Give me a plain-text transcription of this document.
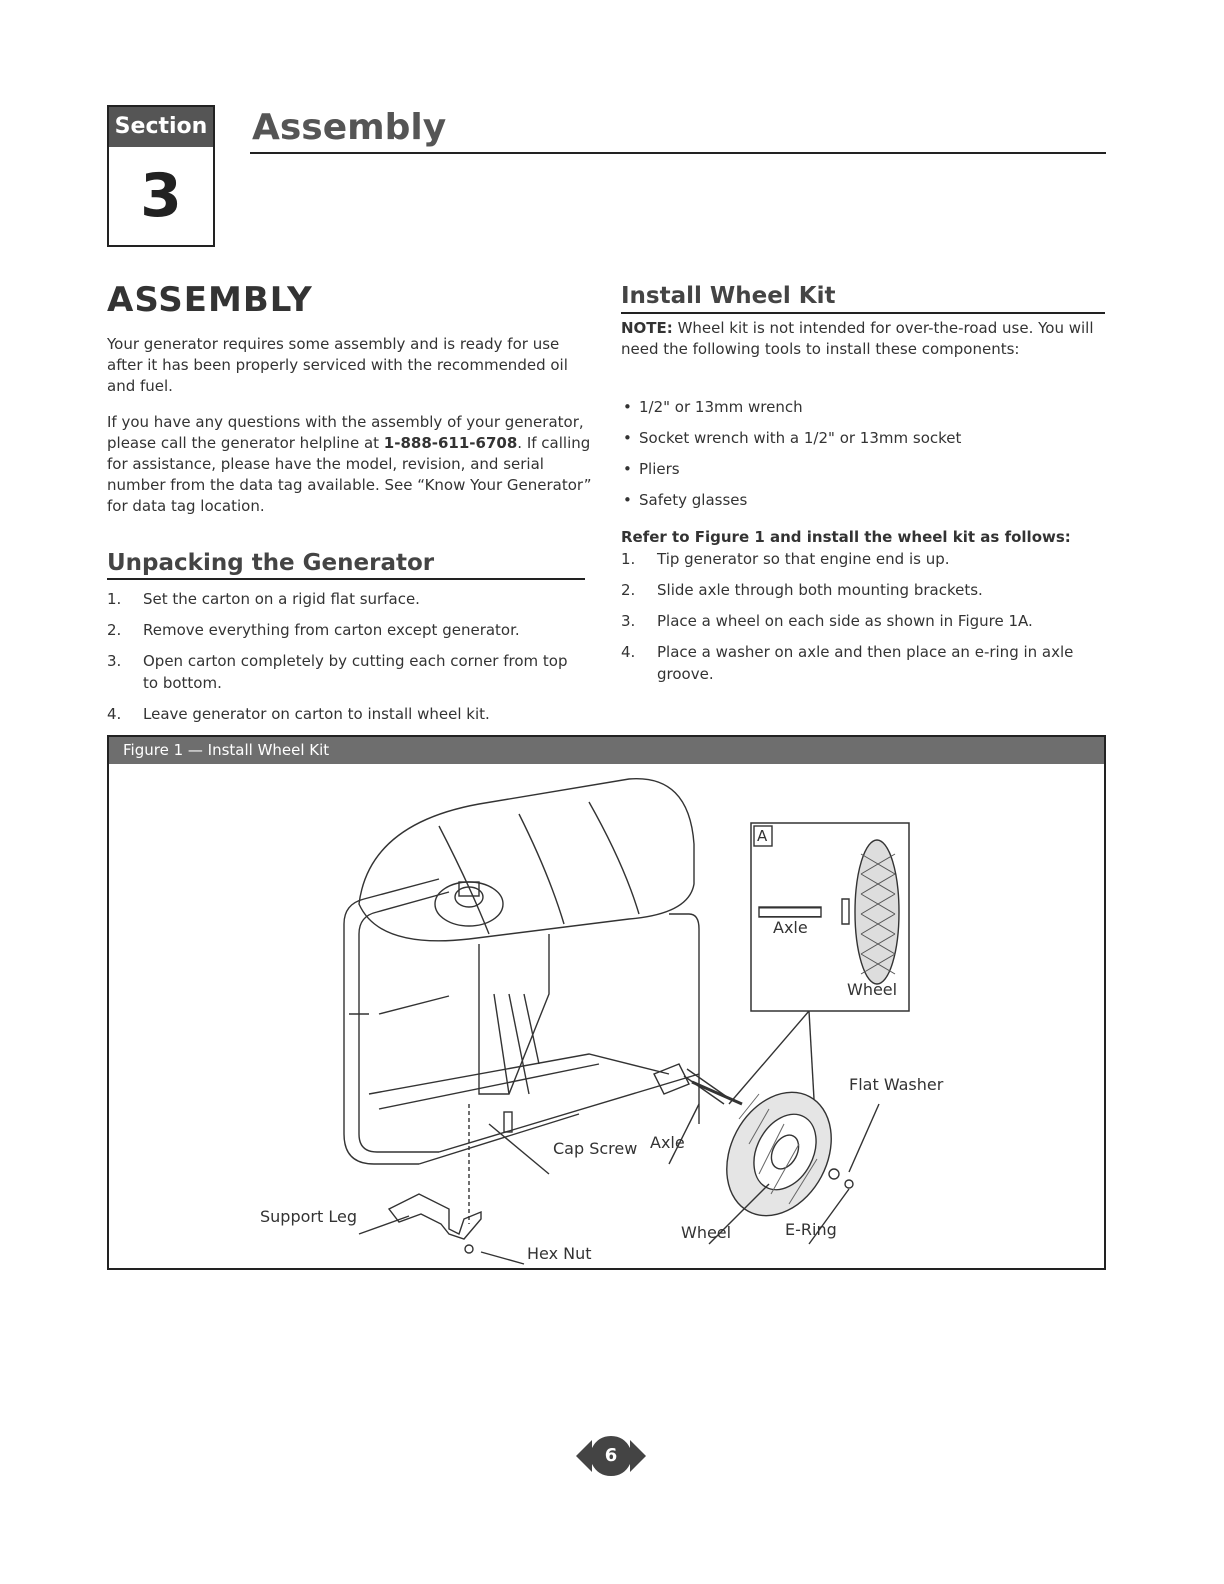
Section
3
Assembly
ASSEMBLY
Your generator requires some assembly and is ready for use after it has been properly serviced with the recommended oil and fuel.
If you have any questions with the assembly of your generator, please call the generator helpline at 1-888-611-6708. If calling for assistance, please have the model, revision, and serial number from the data tag available. See “Know Your Generator” for data tag location.
Unpacking the Generator
1. Set the carton on a rigid flat surface.
2. Remove everything from carton except generator.
3. Open carton completely by cutting each corner from top to bottom.
4. Leave generator on carton to install wheel kit.
Install Wheel Kit
NOTE: Wheel kit is not intended for over-the-road use. You will need the following tools to install these components:
• 1/2" or 13mm wrench
• Socket wrench with a 1/2" or 13mm socket
• Pliers
• Safety glasses
Refer to Figure 1 and install the wheel kit as follows:
1. Tip generator so that engine end is up.
2. Slide axle through both mounting brackets.
3. Place a wheel on each side as shown in Figure 1A.
4. Place a washer on axle and then place an e-ring in axle groove.
Figure 1 — Install Wheel Kit
A
Axle
Wheel
Flat Washer
Cap Screw Axle
Support Leg
Wheel	E-Ring
Hex Nut
6
